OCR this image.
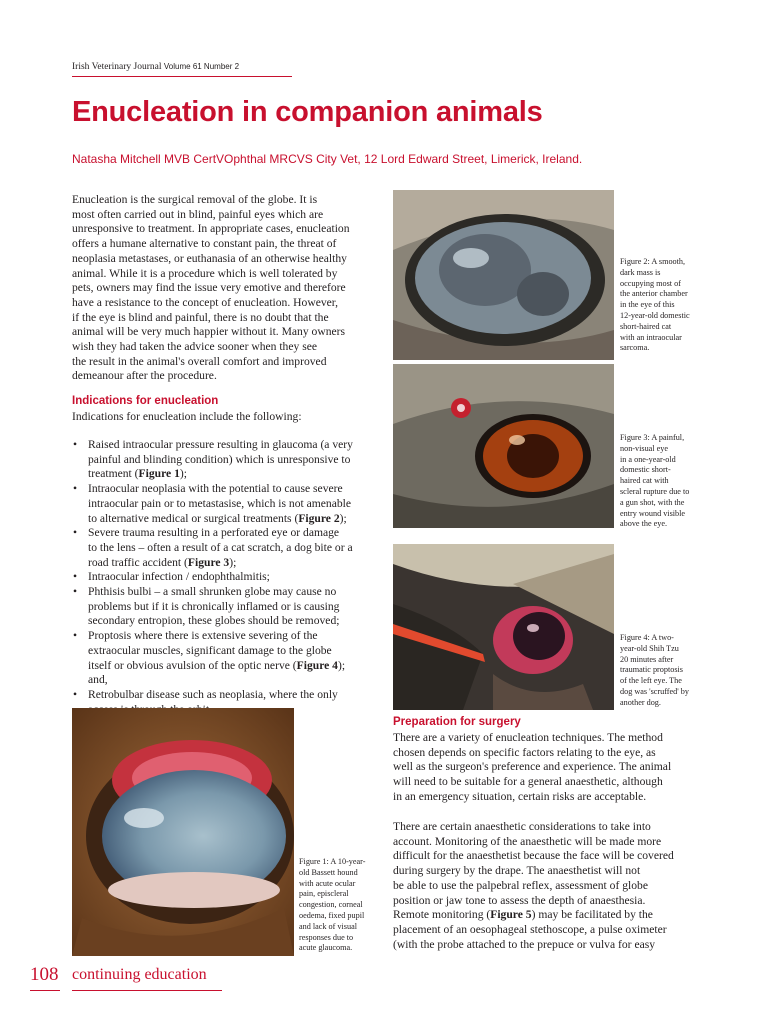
Irish Veterinary Journal Volume 61 Number 2
Enucleation in companion animals
Natasha Mitchell MVB CertVOphthal MRCVS City Vet, 12 Lord Edward Street, Limerick, Ireland.
Enucleation is the surgical removal of the globe. It is
most often carried out in blind, painful eyes which are
unresponsive to treatment. In appropriate cases, enucleation
offers a humane alternative to constant pain, the threat of
neoplasia metastases, or euthanasia of an otherwise healthy
animal. While it is a procedure which is well tolerated by
pets, owners may find the issue very emotive and therefore
have a resistance to the concept of enucleation. However,
if the eye is blind and painful, there is no doubt that the
animal will be very much happier without it. Many owners
wish they had taken the advice sooner when they see
the result in the animal's overall comfort and improved
demeanour after the procedure.
Indications for enucleation
Indications for enucleation include the following:
• Raised intraocular pressure resulting in glaucoma (a very
painful and blinding condition) which is unresponsive to
treatment (Figure 1);
• Intraocular neoplasia with the potential to cause severe
intraocular pain or to metastasise, which is not amenable
to alternative medical or surgical treatments (Figure 2);
• Severe trauma resulting in a perforated eye or damage
to the lens – often a result of a cat scratch, a dog bite or a
road traffic accident (Figure 3);
• Intraocular infection / endophthalmitis;
• Phthisis bulbi – a small shrunken globe may cause no
problems but if it is chronically inflamed or is causing
secondary entropion, these globes should be removed;
• Proptosis where there is extensive severing of the
extraocular muscles, significant damage to the globe
itself or obvious avulsion of the optic nerve (Figure 4);
and,
• Retrobulbar disease such as neoplasia, where the only
Figure 1: A 10-year-
old Bassett hound
with acute ocular
pain, episcleral
congestion, corneal
oedema, fixed pupil
and lack of visual
responses due to
acute glaucoma.
Figure 2: A smooth,
dark mass is
occupying most of
the anterior chamber
in the eye of this
12-year-old domestic
short-haired cat
with an intraocular
sarcoma.
Figure 3: A painful,
non-visual eye
in a one-year-old
domestic short-
haired cat with
scleral rupture due to
a gun shot, with the
entry wound visible
above the eye.
Figure 4: A two-
year-old Shih Tzu
20 minutes after
traumatic proptosis
of the left eye. The
dog was 'scruffed' by
another dog.
Preparation for surgery
There are a variety of enucleation techniques. The method
chosen depends on specific factors relating to the eye, as
well as the surgeon's preference and experience. The animal
will need to be suitable for a general anaesthetic, although
in an emergency situation, certain risks are acceptable.
There are certain anaesthetic considerations to take into
account. Monitoring of the anaesthetic will be made more
difficult for the anaesthetist because the face will be covered
during surgery by the drape. The anaesthetist will not
be able to use the palpebral reflex, assessment of globe
position or jaw tone to assess the depth of anaesthesia.
Remote monitoring (Figure 5) may be facilitated by the
placement of an oesophageal stethoscope, a pulse oximeter
(with the probe attached to the prepuce or vulva for easy
108 continuing education
